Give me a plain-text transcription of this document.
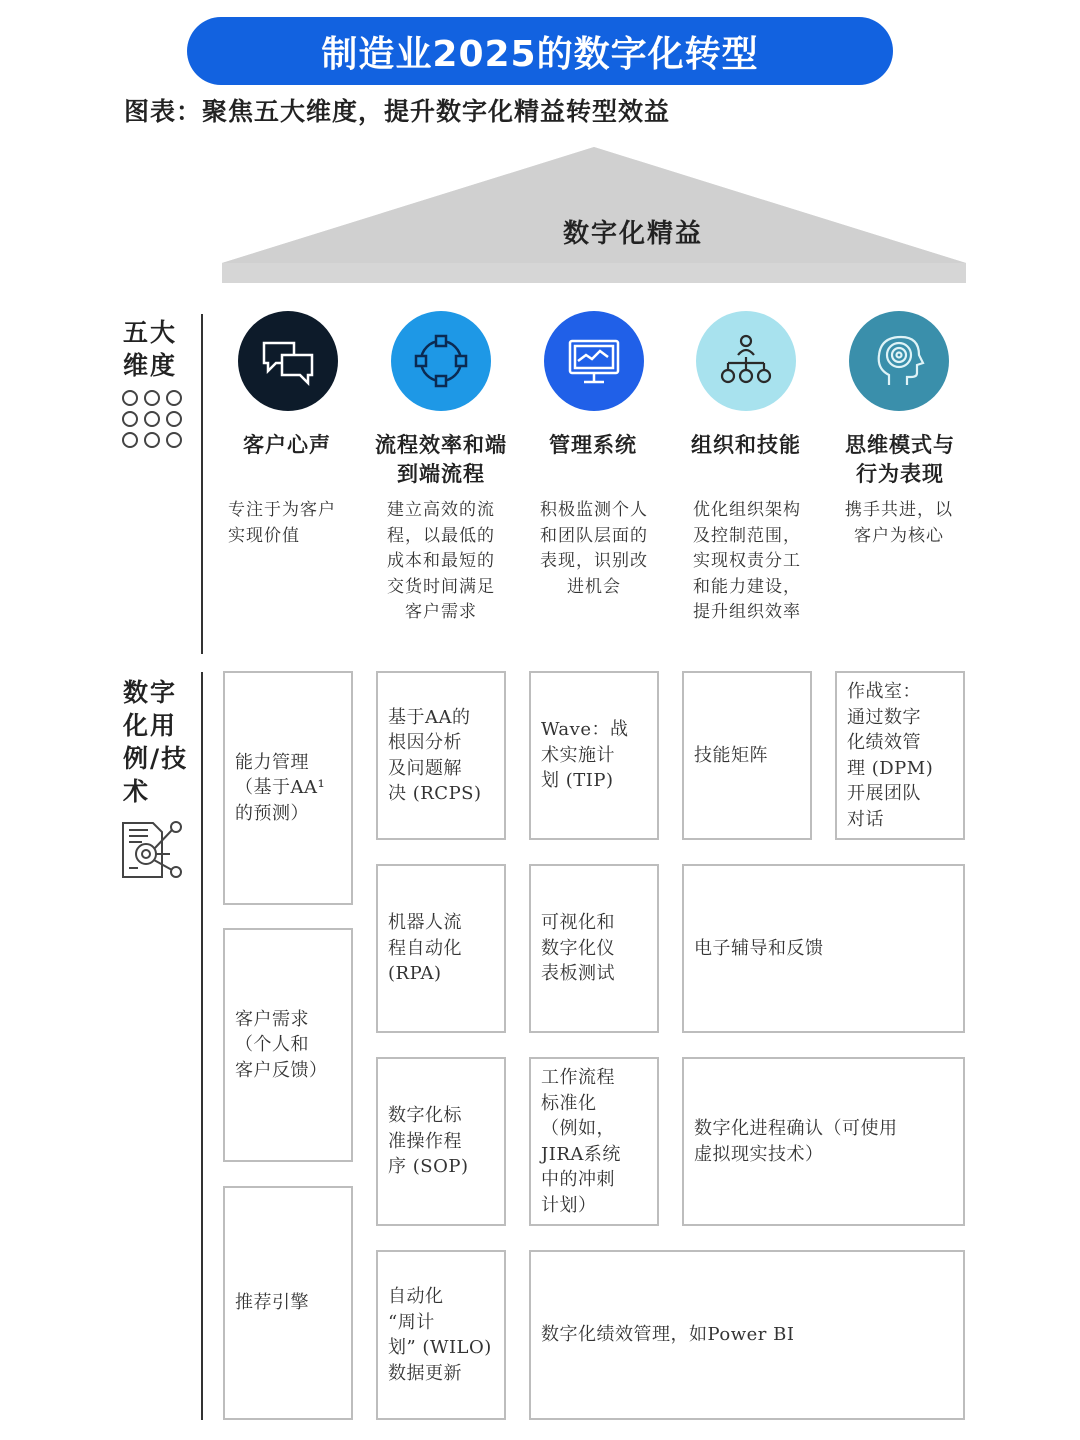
制造业2025的数字化转型
图表：聚焦五大维度，提升数字化精益转型效益
数字化精益
五大
维度
数字
化用
例/技
术
客户心声	流程效率和端到端流程
管理系统	组织和技能	思维模式与行为表现
专注于为客户实现价值
建立高效的流程，以最低的成本和最短的交货时间满足客户需求
积极监测个人和团队层面的表现，识别改进机会
优化组织架构及控制范围，实现权责分工和能力建设，提升组织效率
携手共进，以客户为核心
能力管理
（基于AA¹
的预测）
客户需求
（个人和
客户反馈）
推荐引擎
基于AA的
根因分析
及问题解
决 (RCPS)
机器人流
程自动化
(RPA)
数字化标
准操作程
序 (SOP)
自动化
“周计
划” (WILO)
数据更新
Wave：战
术实施计
划 (TIP)
可视化和
数字化仪
表板测试
工作流程
标准化
（例如，
JIRA系统
中的冲刺
计划）
技能矩阵
作战室：
通过数字
化绩效管
理 (DPM)
开展团队
对话
电子辅导和反馈
数字化进程确认（可使用
虚拟现实技术）
数字化绩效管理，如Power BI
